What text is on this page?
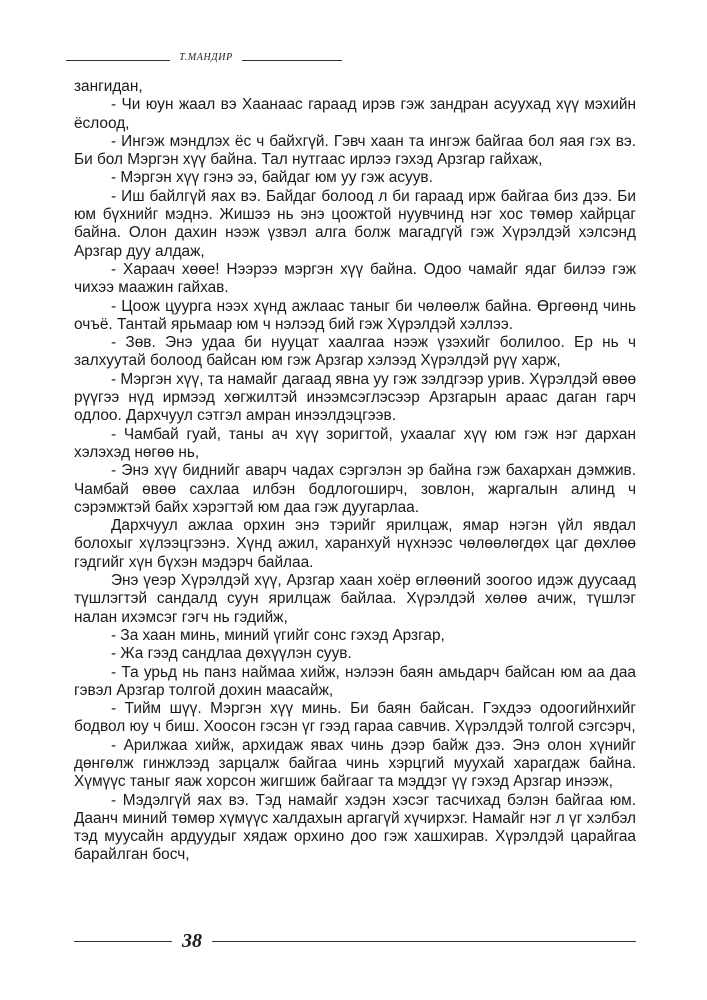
Т.МАНДИР

зангидан,

- Чи юун жаал вэ Хаанаас гараад ирэв гэж зандран асуухад хүү мэхийн ёслоод,

- Ингэж мэндлэх ёс ч байхгүй. Гэвч хаан та ингэж байгаа бол яая гэх вэ. Би бол Мэргэн хүү байна. Тал нутгаас ирлээ гэхэд Арзгар гайхаж,

- Мэргэн хүү гэнэ ээ, байдаг юм уу гэж асуув.

- Иш байлгүй яах вэ. Байдаг болоод л би гараад ирж байгаа биз дээ. Би юм бүхнийг мэднэ. Жишээ нь энэ цоожтой нуувчинд нэг хос төмөр хайрцаг байна. Олон дахин нээж үзвэл алга болж магадгүй гэж Хүрэлдэй хэлсэнд Арзгар дуу алдаж,

- Хараач хөөе! Нээрээ мэргэн хүү байна. Одоо чамайг ядаг билээ гэж чихээ маажин гайхав.

- Цоож цуурга нээх хүнд ажлаас таныг би чөлөөлж байна. Өргөөнд чинь очъё. Тантай ярьмаар юм ч нэлээд бий гэж Хүрэлдэй хэллээ.

- Зөв. Энэ удаа би нууцат хаалгаа нээж үзэхийг болилоо. Ер нь ч залхуутай болоод байсан юм гэж Арзгар хэлээд Хүрэлдэй рүү харж,

- Мэргэн хүү, та намайг дагаад явна уу гэж зэлдгээр урив. Хүрэлдэй өвөө рүүгээ нүд ирмээд хөгжилтэй инээмсэглэсээр Арзгарын араас даган гарч одлоо. Дархчуул сэтгэл амран инээлдэцгээв.

- Чамбай гуай, таны ач хүү зоригтой, ухаалаг хүү юм гэж нэг дархан хэлэхэд нөгөө нь,

- Энэ хүү биднийг аварч чадах сэргэлэн эр байна гэж бахархан дэмжив. Чамбай өвөө сахлаа илбэн бодлогоширч, зовлон, жаргалын алинд ч сэрэмжтэй байх хэрэгтэй юм даа гэж дуугарлаа.

Дархчуул ажлаа орхин энэ тэрийг ярилцаж, ямар нэгэн үйл явдал болохыг хүлээцгээнэ. Хүнд ажил, харанхуй нүхнээс чөлөөлөгдөх цаг дөхлөө гэдгийг хүн бүхэн мэдэрч байлаа.

Энэ үеэр Хүрэлдэй хүү, Арзгар хаан хоёр өглөөний зоогоо идэж дуусаад түшлэгтэй сандалд суун ярилцаж байлаа. Хүрэлдэй хөлөө ачиж, түшлэг налан ихэмсэг гэгч нь гэдийж,

- За хаан минь, миний үгийг сонс гэхэд Арзгар,

- Жа гээд сандлаа дөхүүлэн суув.

- Та урьд нь панз наймаа хийж, нэлээн баян амьдарч байсан юм аа даа гэвэл Арзгар толгой дохин маасайж,

- Тийм шүү. Мэргэн хүү минь. Би баян байсан. Гэхдээ одоогийнхийг бодвол юу ч биш. Хоосон гэсэн үг гээд гараа савчив. Хүрэлдэй толгой сэгсэрч,

- Арилжаа хийж, архидаж явах чинь дээр байж дээ. Энэ олон хүнийг дөнгөлж гинжлээд зарцалж байгаа чинь хэрцгий муухай харагдаж байна. Хүмүүс таныг яаж хорсон жигшиж байгааг та мэддэг үү гэхэд Арзгар инээж,

- Мэдэлгүй яах вэ. Тэд намайг хэдэн хэсэг тасчихад бэлэн байгаа юм. Даанч миний төмөр хүмүүс халдахын аргагүй хүчирхэг. Намайг нэг л үг хэлбэл тэд муусайн ардуудыг хядаж орхино доо гэж хашхирав. Хүрэлдэй царайгаа барайлган босч,

38
